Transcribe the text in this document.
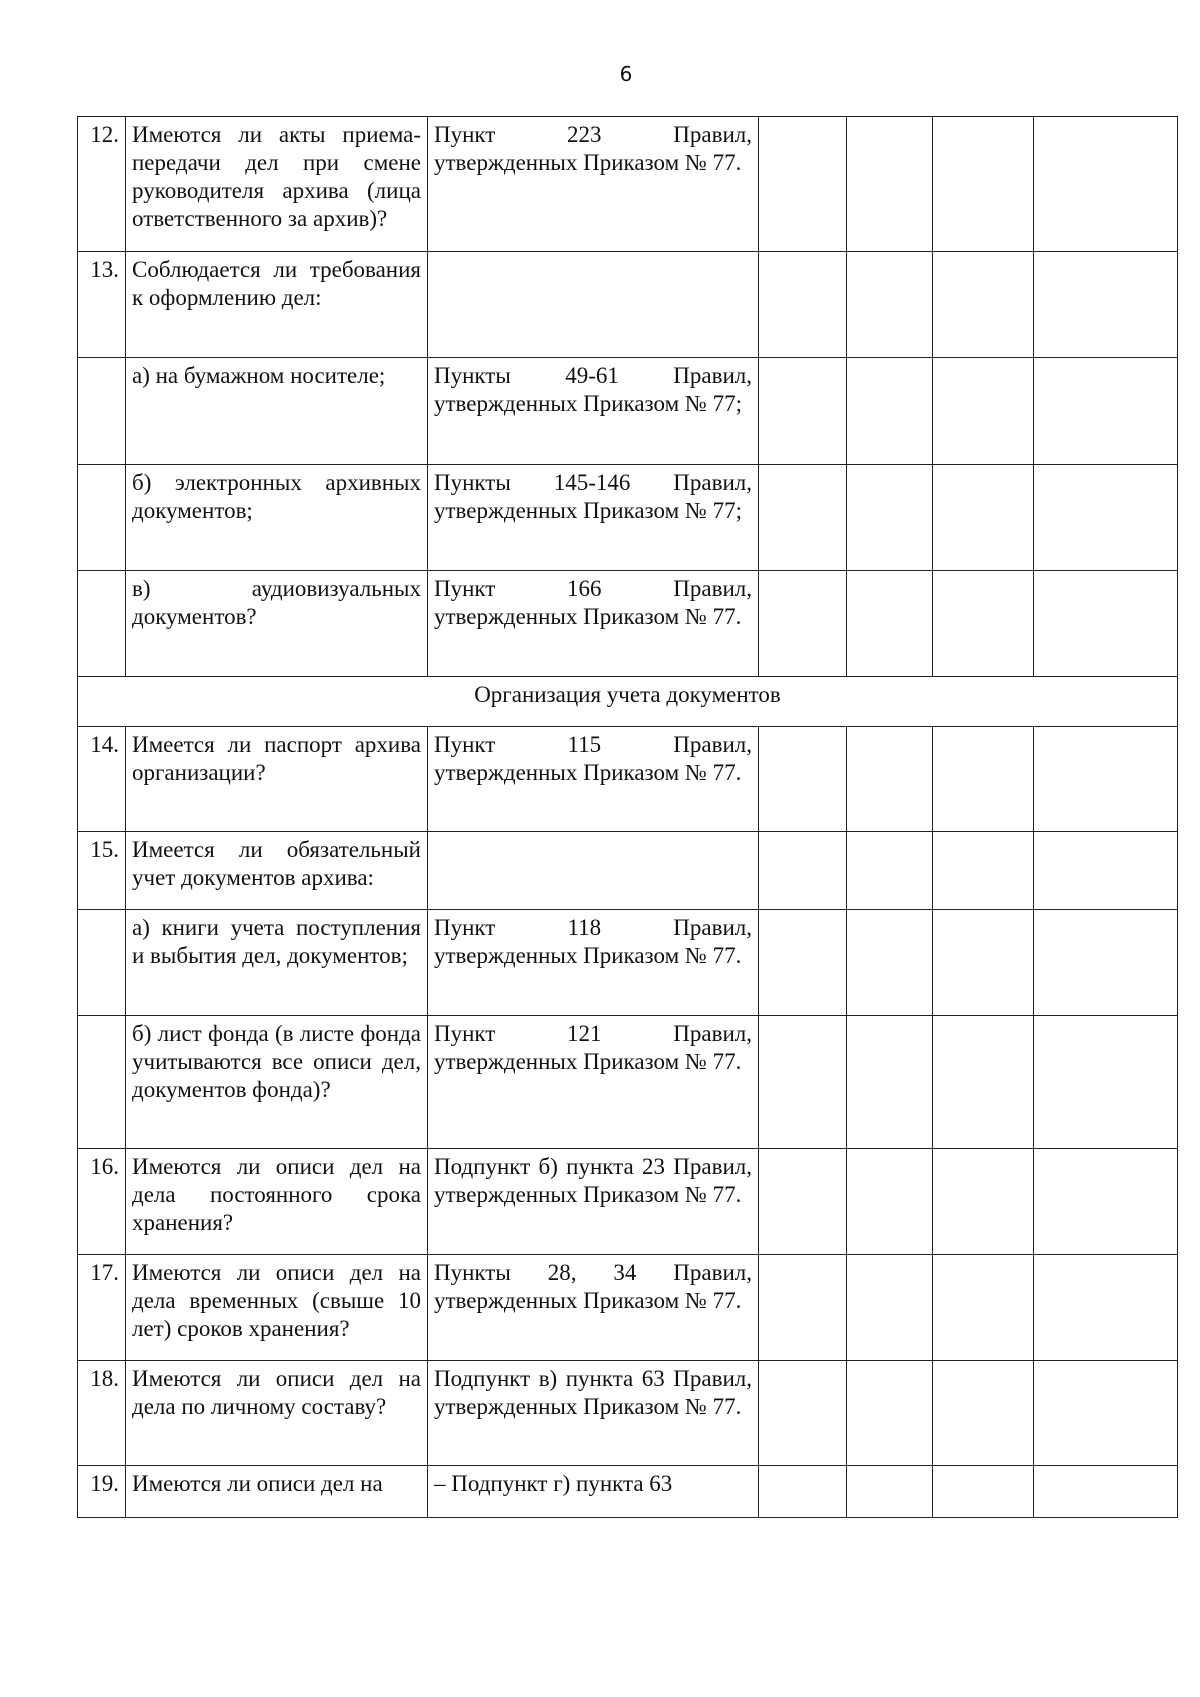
6
12.	Имеются ли акты приема-передачи дел при смене руководителя архива (лица ответственного за архив)?	Пункт 223 Правил, утвержденных Приказом № 77.				
13.	Соблюдается ли требования к оформлению дел:					
	а) на бумажном носителе;	Пункты 49-61 Правил, утвержденных Приказом № 77;				
	б) электронных архивных документов;	Пункты 145-146 Правил, утвержденных Приказом № 77;				
	в) аудиовизуальных документов?	Пункт 166 Правил, утвержденных Приказом № 77.				
Организация учета документов						
14.	Имеется ли паспорт архива организации?	Пункт 115 Правил, утвержденных Приказом № 77.				
15.	Имеется ли обязательный учет документов архива:					
	а) книги учета поступления и выбытия дел, документов;	Пункт 118 Правил, утвержденных Приказом № 77.				
	б) лист фонда (в листе фонда учитываются все описи дел, документов фонда)?	Пункт 121 Правил, утвержденных Приказом № 77.				
16.	Имеются ли описи дел на дела постоянного срока хранения?	Подпункт б) пункта 23 Правил, утвержденных Приказом № 77.				
17.	Имеются ли описи дел на дела временных (свыше 10 лет) сроков хранения?	Пункты 28, 34 Правил, утвержденных Приказом № 77.				
18.	Имеются ли описи дел на дела по личному составу?	Подпункт в) пункта 63 Правил, утвержденных Приказом № 77.				
19.	Имеются ли описи дел на	– Подпункт г) пункта 63				
